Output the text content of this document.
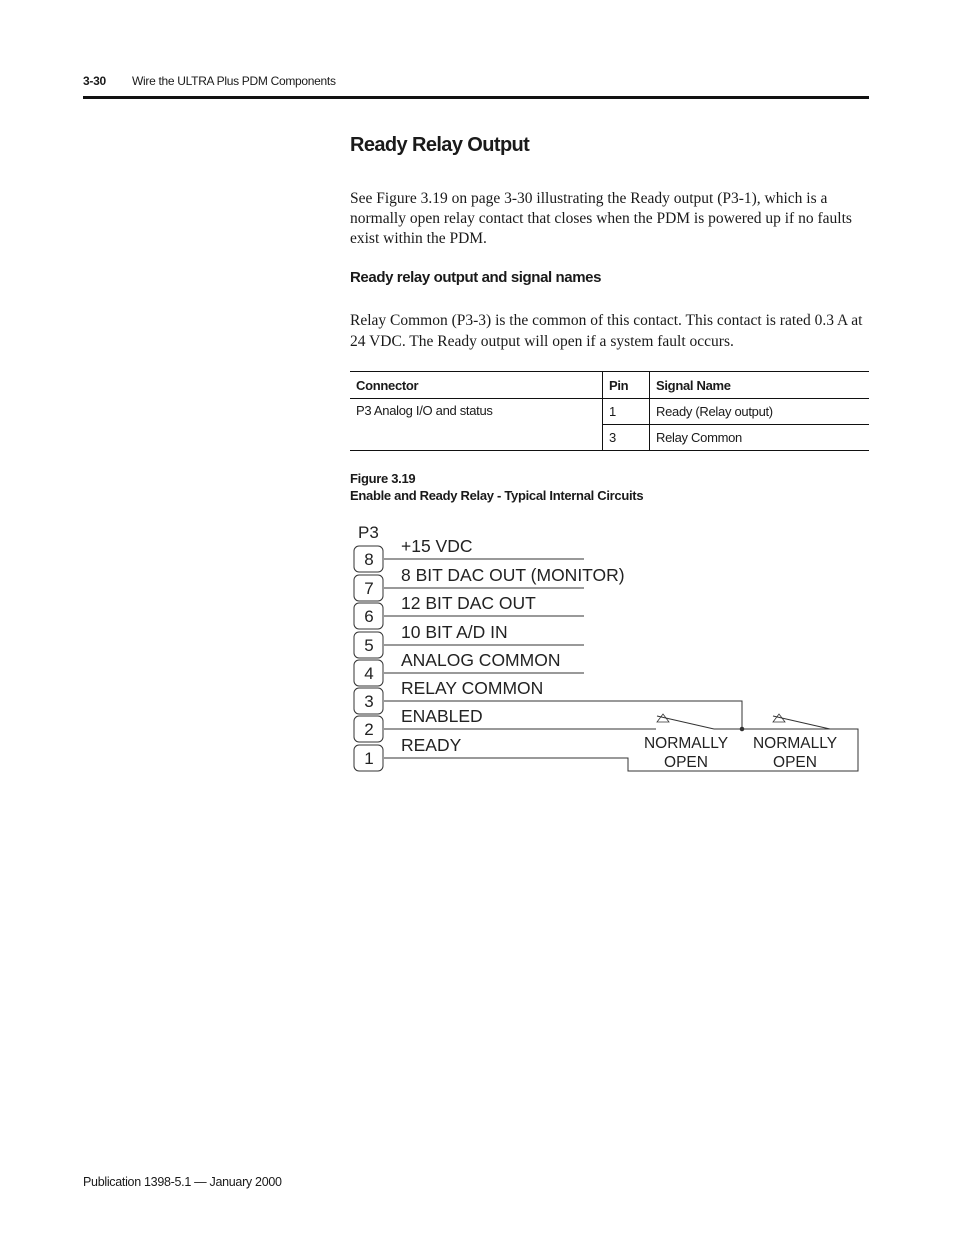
3-30 Wire the ULTRA Plus PDM Components
Ready Relay Output
See Figure 3.19 on page 3-30 illustrating the Ready output (P3-1), which is a normally open relay contact that closes when the PDM is powered up if no faults exist within the PDM.
Ready relay output and signal names
Relay Common (P3-3) is the common of this contact. This contact is rated 0.3 A at 24 VDC. The Ready output will open if a system fault occurs.
Connector	Pin	Signal Name
P3 Analog I/O and status	1	Ready (Relay output)
	3	Relay Common
Figure 3.19
Enable and Ready Relay - Typical Internal Circuits
P3
8
+15 VDC
7
8 BIT DAC OUT (MONITOR)
6
12 BIT DAC OUT
5
10 BIT A/D IN
4
ANALOG COMMON
3
RELAY COMMON
2
ENABLED
1
READY	NORMALLY
OPEN
NORMALLY
OPEN
Publication 1398-5.1 — January 2000
